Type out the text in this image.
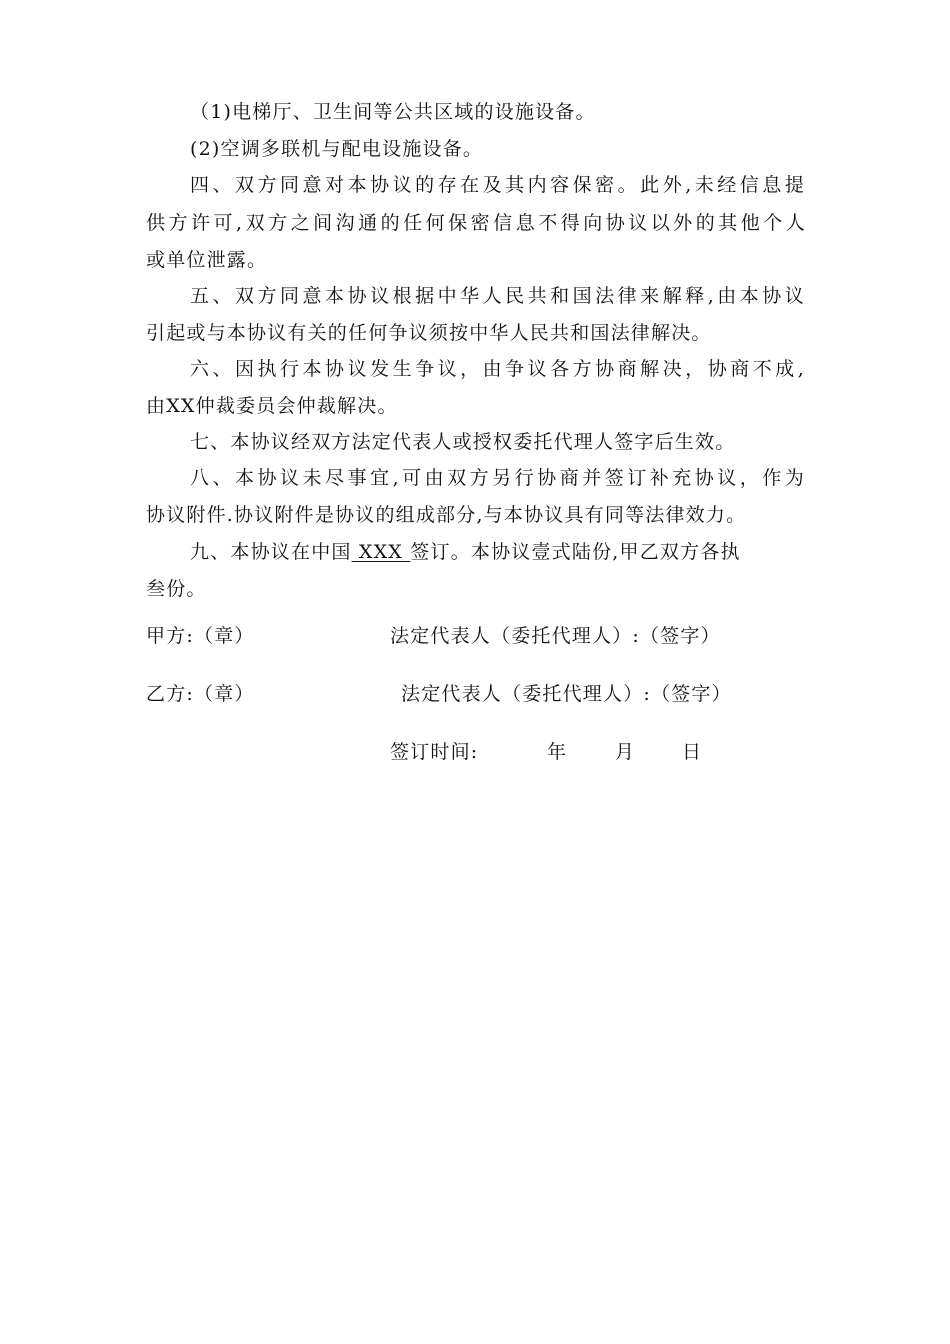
（1)电梯厅、卫生间等公共区域的设施设备。
(2)空调多联机与配电设施设备。
四、双方同意对本协议的存在及其内容保密。此外,未经信息提
供方许可,双方之间沟通的任何保密信息不得向协议以外的其他个人
或单位泄露。
五、双方同意本协议根据中华人民共和国法律来解释,由本协议
引起或与本协议有关的任何争议须按中华人民共和国法律解决。
六、因执行本协议发生争议，由争议各方协商解决，协商不成,
由XX仲裁委员会仲裁解决。
七、本协议经双方法定代表人或授权委托代理人签字后生效。
八、本协议未尽事宜,可由双方另行协商并签订补充协议，作为
协议附件.协议附件是协议的组成部分,与本协议具有同等法律效力。
九、本协议在中国 XXX 签订。本协议壹式陆份,甲乙双方各执
叁份。
甲方:（章）	法定代表人（委托代理人）:（签字）
乙方:（章）	法定代表人（委托代理人）:（签字）
签订时间:	年	月 日
